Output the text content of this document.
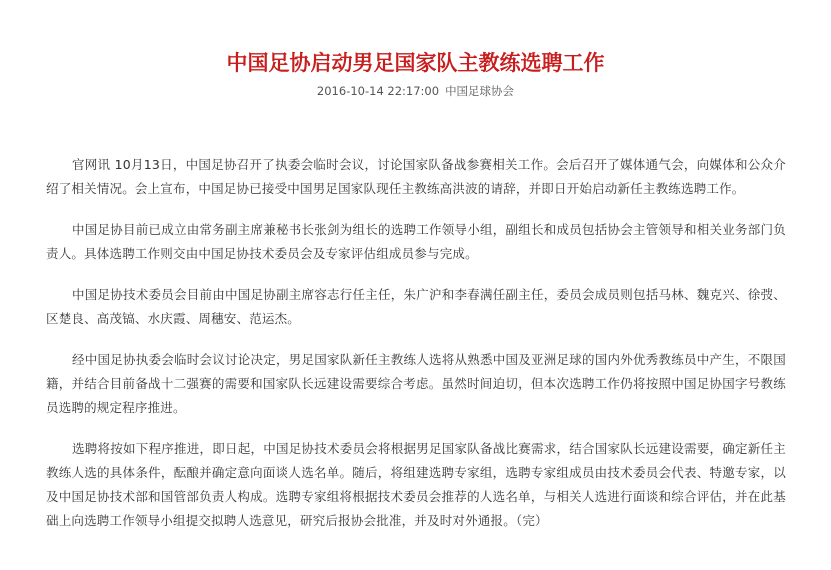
中国足协启动男足国家队主教练选聘工作
2016-10-14 22:17:00 中国足球协会

官网讯 10月13日，中国足协召开了执委会临时会议，讨论国家队备战参赛相关工作。会后召开了媒体通气会，向媒体和公众介绍了相关情况。会上宣布，中国足协已接受中国男足国家队现任主教练高洪波的请辞，并即日开始启动新任主教练选聘工作。

中国足协目前已成立由常务副主席兼秘书长张剑为组长的选聘工作领导小组，副组长和成员包括协会主管领导和相关业务部门负责人。具体选聘工作则交由中国足协技术委员会及专家评估组成员参与完成。

中国足协技术委员会目前由中国足协副主席容志行任主任，朱广沪和李春满任副主任，委员会成员则包括马林、魏克兴、徐弢、区楚良、高茂镐、水庆霞、周穗安、范运杰。

经中国足协执委会临时会议讨论决定，男足国家队新任主教练人选将从熟悉中国及亚洲足球的国内外优秀教练员中产生，不限国籍，并结合目前备战十二强赛的需要和国家队长远建设需要综合考虑。虽然时间迫切，但本次选聘工作仍将按照中国足协国字号教练员选聘的规定程序推进。

选聘将按如下程序推进，即日起，中国足协技术委员会将根据男足国家队备战比赛需求，结合国家队长远建设需要，确定新任主教练人选的具体条件，酝酿并确定意向面谈人选名单。随后，将组建选聘专家组，选聘专家组成员由技术委员会代表、特邀专家，以及中国足协技术部和国管部负责人构成。选聘专家组将根据技术委员会推荐的人选名单，与相关人选进行面谈和综合评估，并在此基础上向选聘工作领导小组提交拟聘人选意见，研究后报协会批准，并及时对外通报。（完）
